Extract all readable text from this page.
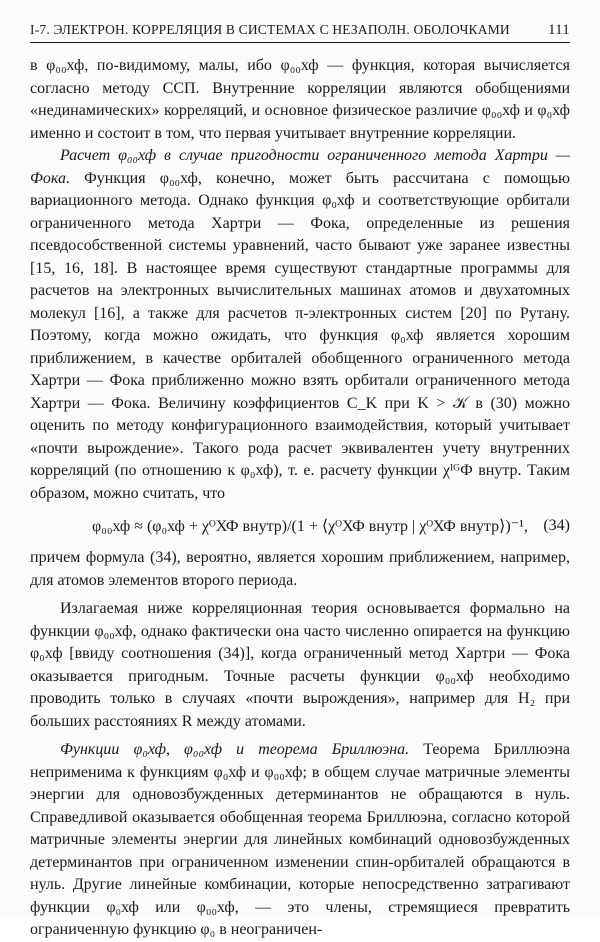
I-7. ЭЛЕКТРОН. КОРРЕЛЯЦИЯ В СИСТЕМАХ С НЕЗАПОЛН. ОБОЛОЧКАМИ	111

в φ₀₀хф, по-видимому, малы, ибо φ₀₀хф — функция, которая вычисляется согласно методу ССП. Внутренние корреляции являются обобщениями «нединамических» корреляций, и основное физическое различие φ₀₀хф и φ₀хф именно и состоит в том, что первая учитывает внутренние корреляции.

Расчет φ₀₀хф в случае пригодности ограниченного метода Хартри — Фока. Функция φ₀₀хф, конечно, может быть рассчитана с помощью вариационного метода. Однако функция φ₀хф и соответствующие орбитали ограниченного метода Хартри — Фока, определенные из решения псевдособственной системы уравнений, часто бывают уже заранее известны [15, 16, 18]. В настоящее время существуют стандартные программы для расчетов на электронных вычислительных машинах атомов и двухатомных молекул [16], а также для расчетов π-электронных систем [20] по Рутану. Поэтому, когда можно ожидать, что функция φ₀хф является хорошим приближением, в качестве орбиталей обобщенного ограниченного метода Хартри — Фока приближенно можно взять орбитали ограниченного метода Хартри — Фока. Величину коэффициентов C_K при K > 𝒦 в (30) можно оценить по методу конфигурационного взаимодействия, который учитывает «почти вырождение». Такого рода расчет эквивалентен учету внутренних корреляций (по отношению к φ₀хф), т. е. расчету функции χᴵᴳФ внутр. Таким образом, можно считать, что

φ₀₀хф ≈ (φ₀хф + χᴼХФ внутр)/(1 + ⟨χᴼХФ внутр | χᴼХФ внутр⟩)⁻¹, (34)

причем формула (34), вероятно, является хорошим приближением, например, для атомов элементов второго периода.

Излагаемая ниже корреляционная теория основывается формально на функции φ₀₀хф, однако фактически она часто численно опирается на функцию φ₀хф [ввиду соотношения (34)], когда ограниченный метод Хартри — Фока оказывается пригодным. Точные расчеты функции φ₀₀хф необходимо проводить только в случаях «почти вырождения», например для H₂ при больших расстояниях R между атомами.

Функции φ₀хф, φ₀₀хф и теорема Бриллюэна. Теорема Бриллюэна неприменима к функциям φ₀хф и φ₀₀хф; в общем случае матричные элементы энергии для одновозбужденных детерминантов не обращаются в нуль. Справедливой оказывается обобщенная теорема Бриллюэна, согласно которой матричные элементы энергии для линейных комбинаций одновозбужденных детерминантов при ограниченном изменении спин-орбиталей обращаются в нуль. Другие линейные комбинации, которые непосредственно затрагивают функции φ₀хф или φ₀₀хф, — это члены, стремящиеся превратить ограниченную функцию φ₀ в неограничен-
